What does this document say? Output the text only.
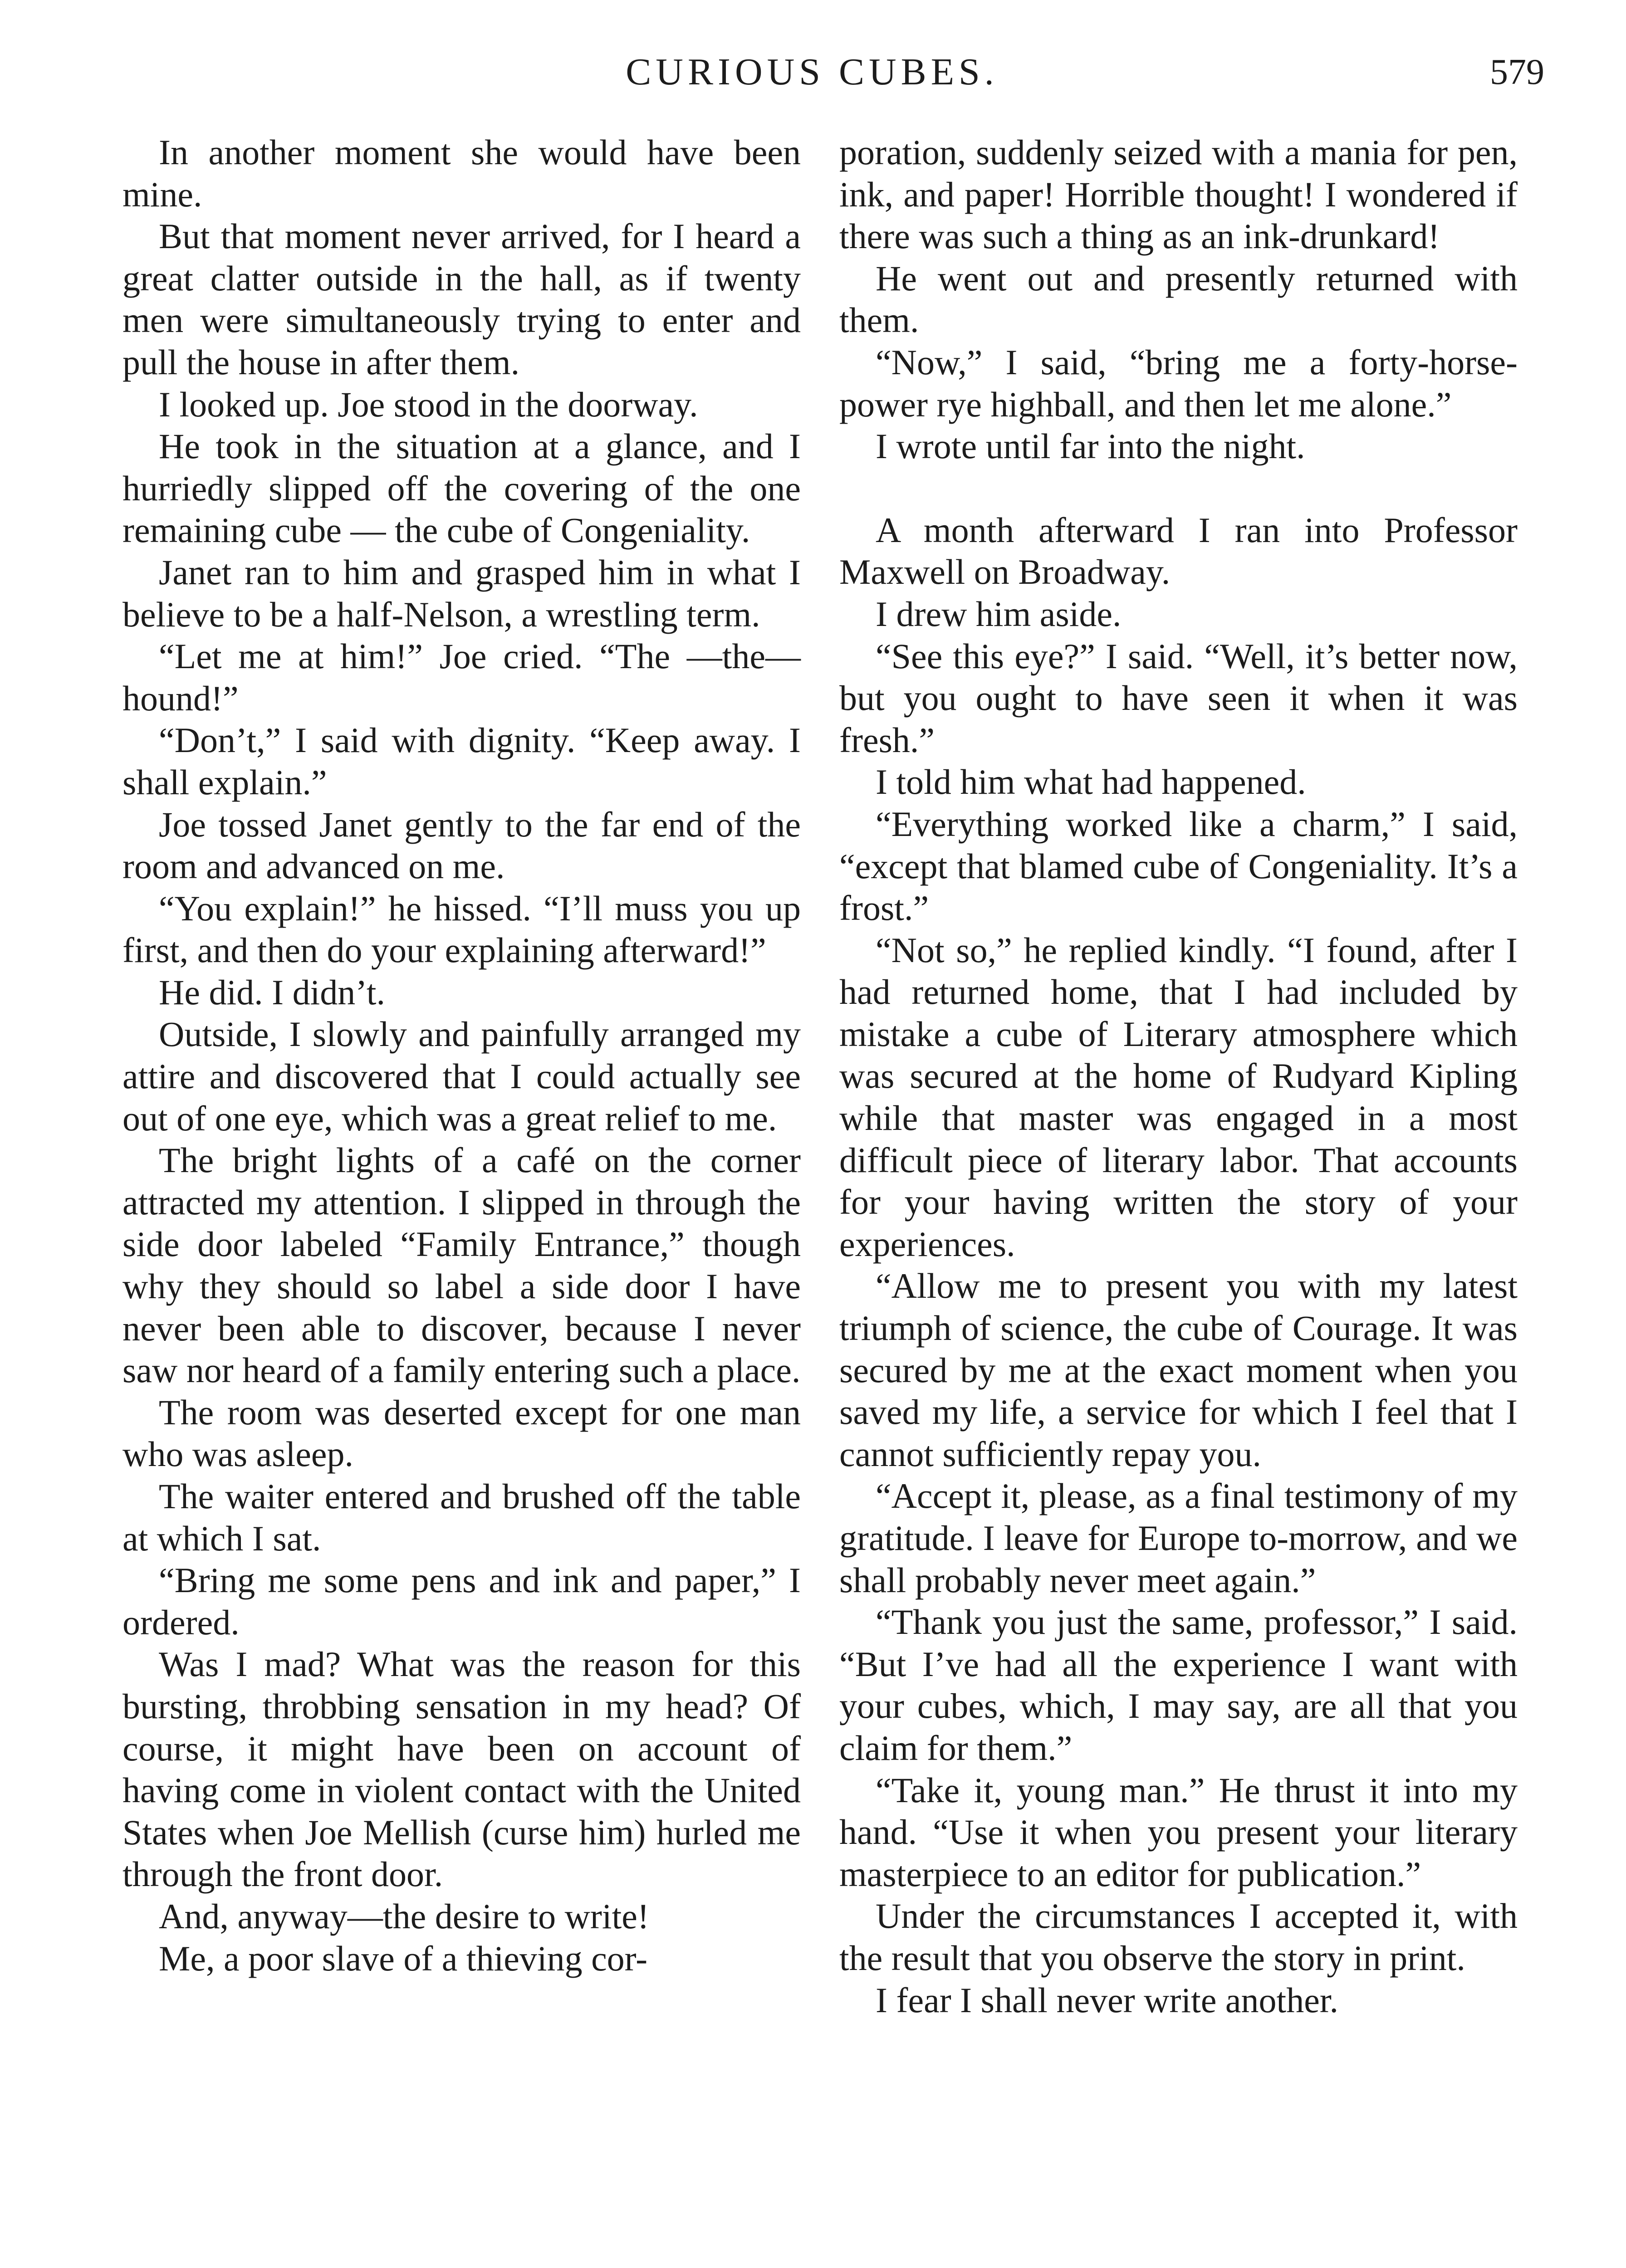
CURIOUS CUBES.	579

In another moment she would have been mine.

But that moment never arrived, for I heard a great clatter outside in the hall, as if twenty men were simultaneously trying to enter and pull the house in after them.

I looked up. Joe stood in the doorway.

He took in the situation at a glance, and I hurriedly slipped off the covering of the one remaining cube — the cube of Congeniality.

Janet ran to him and grasped him in what I believe to be a half-Nelson, a wrestling term.

“Let me at him!” Joe cried. “The —the—hound!”

“Don’t,” I said with dignity. “Keep away. I shall explain.”

Joe tossed Janet gently to the far end of the room and advanced on me.

“You explain!” he hissed. “I’ll muss you up first, and then do your explaining afterward!”

He did. I didn’t.

Outside, I slowly and painfully arranged my attire and discovered that I could actually see out of one eye, which was a great relief to me.

The bright lights of a café on the corner attracted my attention. I slipped in through the side door labeled “Family Entrance,” though why they should so label a side door I have never been able to discover, because I never saw nor heard of a family entering such a place.

The room was deserted except for one man who was asleep.

The waiter entered and brushed off the table at which I sat.

“Bring me some pens and ink and paper,” I ordered.

Was I mad? What was the reason for this bursting, throbbing sensation in my head? Of course, it might have been on account of having come in violent contact with the United States when Joe Mellish (curse him) hurled me through the front door.

And, anyway—the desire to write!

Me, a poor slave of a thieving cor-

poration, suddenly seized with a mania for pen, ink, and paper! Horrible thought! I wondered if there was such a thing as an ink-drunkard!

He went out and presently returned with them.

“Now,” I said, “bring me a forty-horse-power rye highball, and then let me alone.”

I wrote until far into the night.

A month afterward I ran into Professor Maxwell on Broadway.

I drew him aside.

“See this eye?” I said. “Well, it’s better now, but you ought to have seen it when it was fresh.”

I told him what had happened.

“Everything worked like a charm,” I said, “except that blamed cube of Congeniality. It’s a frost.”

“Not so,” he replied kindly. “I found, after I had returned home, that I had included by mistake a cube of Literary atmosphere which was secured at the home of Rudyard Kipling while that master was engaged in a most difficult piece of literary labor. That accounts for your having written the story of your experiences.

“Allow me to present you with my latest triumph of science, the cube of Courage. It was secured by me at the exact moment when you saved my life, a service for which I feel that I cannot sufficiently repay you.

“Accept it, please, as a final testimony of my gratitude. I leave for Europe to-morrow, and we shall probably never meet again.”

“Thank you just the same, professor,” I said. “But I’ve had all the experience I want with your cubes, which, I may say, are all that you claim for them.”

“Take it, young man.” He thrust it into my hand. “Use it when you present your literary masterpiece to an editor for publication.”

Under the circumstances I accepted it, with the result that you observe the story in print.

I fear I shall never write another.
